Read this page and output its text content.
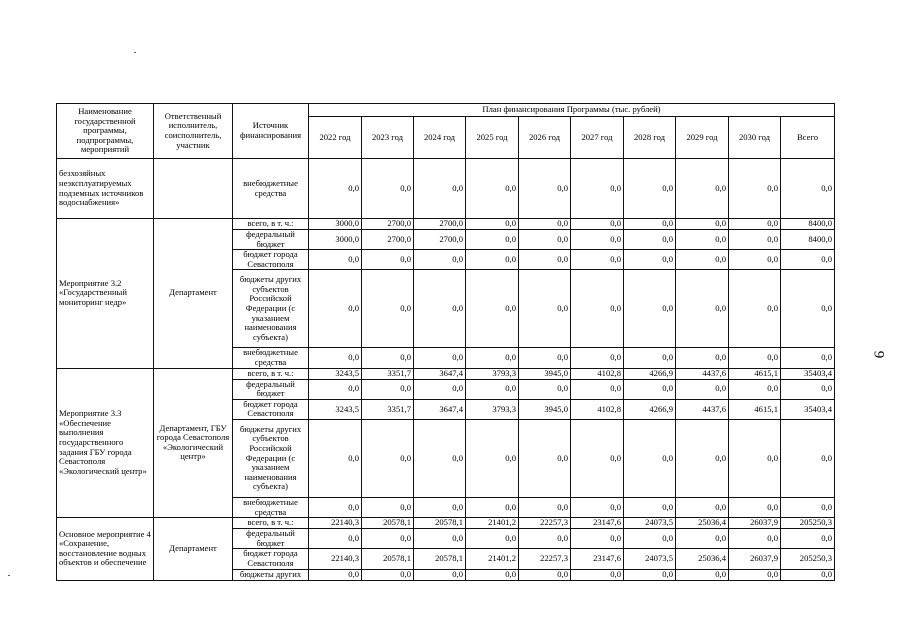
9
Наименование государственной программы, подпрограммы, мероприятий	Ответственный исполнитель, соисполнитель, участник	Источник финансирования	План финансирования Программы (тыс. рублей)									
			2022 год	2023 год	2024 год	2025 год	2026 год	2027 год	2028 год	2029 год	2030 год	Всего
безхозяйных неэксплуатируемых подземных источников водоснабжения»		внебюджетные средства	0,0	0,0	0,0	0,0	0,0	0,0	0,0	0,0	0,0	0,0
Мероприятие 3.2 «Государственный мониторинг недр»	Департамент	всего, в т. ч.:	3000,0	2700,0	2700,0	0,0	0,0	0,0	0,0	0,0	0,0	8400,0
		федеральный бюджет	3000,0	2700,0	2700,0	0,0	0,0	0,0	0,0	0,0	0,0	8400,0
		бюджет города Севастополя	0,0	0,0	0,0	0,0	0,0	0,0	0,0	0,0	0,0	0,0
		бюджеты других субъектов Российской Федерации (с указанием наименования субъекта)	0,0	0,0	0,0	0,0	0,0	0,0	0,0	0,0	0,0	0,0
		внебюджетные средства	0,0	0,0	0,0	0,0	0,0	0,0	0,0	0,0	0,0	0,0
Мероприятие 3.3 «Обеспечение выполнения государственного задания ГБУ города Севастополя «Экологический центр»	Департамент, ГБУ города Севастополя «Экологический центр»	всего, в т. ч.:	3243,5	3351,7	3647,4	3793,3	3945,0	4102,8	4266,9	4437,6	4615,1	35403,4
		федеральный бюджет	0,0	0,0	0,0	0,0	0,0	0,0	0,0	0,0	0,0	0,0
		бюджет города Севастополя	3243,5	3351,7	3647,4	3793,3	3945,0	4102,8	4266,9	4437,6	4615,1	35403,4
		бюджеты других субъектов Российской Федерации (с указанием наименования субъекта)	0,0	0,0	0,0	0,0	0,0	0,0	0,0	0,0	0,0	0,0
		внебюджетные средства	0,0	0,0	0,0	0,0	0,0	0,0	0,0	0,0	0,0	0,0
Основное мероприятие 4 «Сохранение, восстановление водных объектов и обеспечение	Департамент	всего, в т. ч.:	22140,3	20578,1	20578,1	21401,2	22257,3	23147,6	24073,5	25036,4	26037,9	205250,3
		федеральный бюджет	0,0	0,0	0,0	0,0	0,0	0,0	0,0	0,0	0,0	0,0
		бюджет города Севастополя	22140,3	20578,1	20578,1	21401,2	22257,3	23147,6	24073,5	25036,4	26037,9	205250,3
		бюджеты других	0,0	0,0	0,0	0,0	0,0	0,0	0,0	0,0	0,0	0,0
